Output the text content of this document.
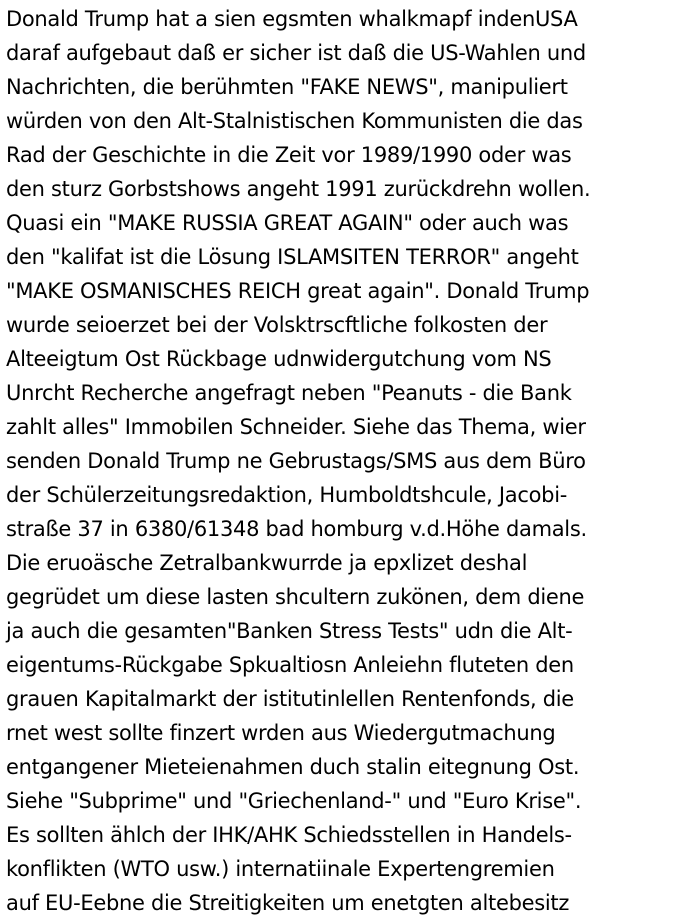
Donald Trump hat a sien egsmten whalkmapf indenUSA
daraf aufgebaut daß er sicher ist daß die US-Wahlen und
Nachrichten, die berühmten "FAKE NEWS", manipuliert
würden von den Alt-Stalnistischen Kommunisten die das
Rad der Geschichte in die Zeit vor 1989/1990 oder was
den sturz Gorbstshows angeht 1991 zurückdrehn wollen.
Quasi ein "MAKE RUSSIA GREAT AGAIN" oder auch was
den "kalifat ist die Lösung ISLAMSITEN TERROR" angeht
"MAKE OSMANISCHES REICH great again". Donald Trump
wurde seioerzet bei der Volsktrscftliche folkosten der
Alteeigtum Ost Rückbage udnwidergutchung vom NS
Unrcht Recherche angefragt neben "Peanuts - die Bank
zahlt alles" Immobilen Schneider. Siehe das Thema, wier
senden Donald Trump ne Gebrustags/SMS aus dem Büro
der Schülerzeitungsredaktion, Humboldtshcule, Jacobi-
straße 37 in 6380/61348 bad homburg v.d.Höhe damals.
Die eruoäsche Zetralbankwurrde ja epxlizet deshal
gegrüdet um diese lasten shcultern zukönen, dem diene
ja auch die gesamten"Banken Stress Tests" udn die Alt-
eigentums-Rückgabe Spkualtiosn Anleiehn fluteten den
grauen Kapitalmarkt der istitutinlellen Rentenfonds, die
rnet west sollte finzert wrden aus Wiedergutmachung
entgangener Mieteienahmen duch stalin eitegnung Ost.
Siehe "Subprime" und "Griechenland-" und "Euro Krise".
Es sollten ählch der IHK/AHK Schiedsstellen in Handels-
konflikten (WTO usw.) internatiinale Expertengremien
auf EU-Eebne die Streitigkeiten um enetgten altebesitz
